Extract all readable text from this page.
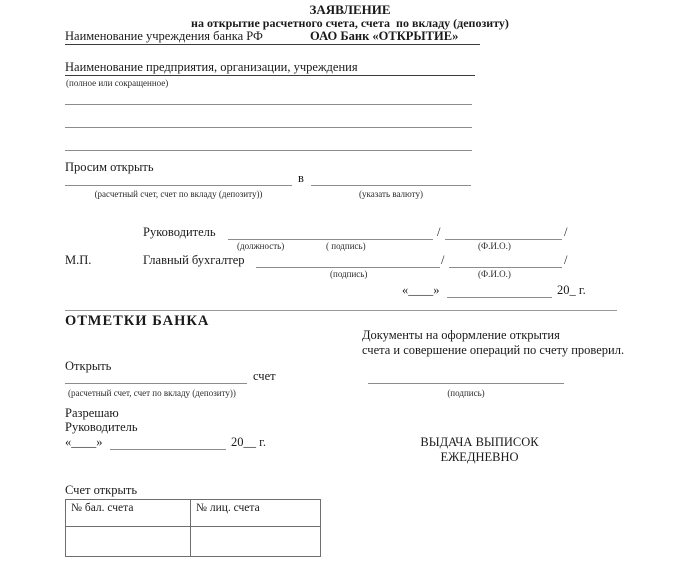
ЗАЯВЛЕНИЕ
на открытие расчетного счета, счета  по вкладу (депозиту)
Наименование учреждения банка РФ	ОАО Банк «ОТКРЫТИЕ»
Наименование предприятия, организации, учреждения
(полное или сокращенное)
Просим открыть
в
(расчетный счет, счет по вкладу (депозиту))	(указать валюту)
Руководитель	/	/
(должность)	( подпись)	(Ф.И.О.)
М.П.	Главный бухгалтер	/	/
(подпись)	(Ф.И.О.)
«____»	20_ г.
ОТМЕТКИ БАНКА
Документы на оформление открытия
счета и совершение операций по счету проверил.
Открыть
счет
(расчетный счет, счет по вкладу (депозиту))	(подпись)
Разрешаю
Руководитель
«____»	20__ г.	ВЫДАЧА ВЫПИСОК
ЕЖЕДНЕВНО
Счет открыть
№ бал. счета	№ лиц. счета
